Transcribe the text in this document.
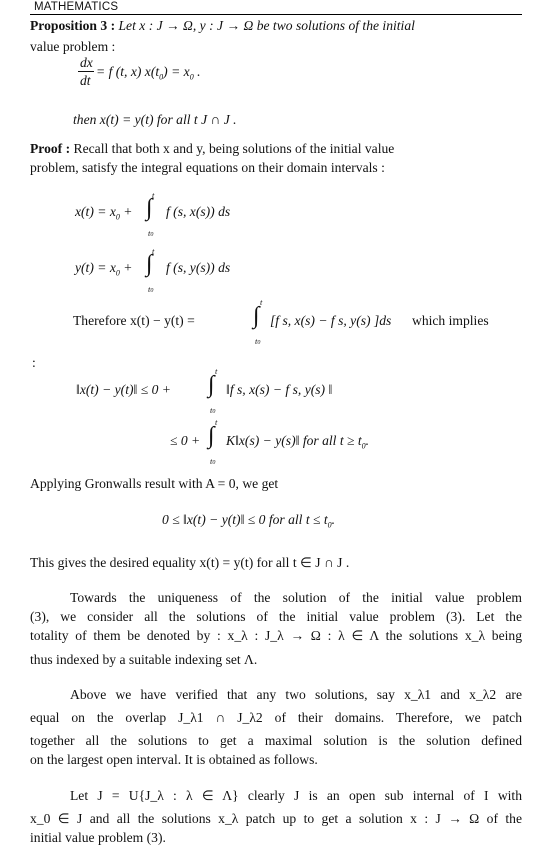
MATHEMATICS
Proposition 3 : Let x : J → Ω, y : J → Ω be two solutions of the initial
value problem :
dx
dt
= f (t, x) $x(t_0) = x_0$ .
then x(t) = y(t) for all t J ∩ J .
Proof : Recall that both x and y, being solutions of the initial value
problem, satisfy the integral equations on their domain intervals :
$x(t) = x_0$ +
t
∫
t0
f (s, x(s)) ds
$y(t) = x_0$ +
t
∫
t0
f (s, y(s)) ds
Therefore x(t) − y(t) =
t
∫
t0
[f s, x(s) − f s, y(s) ]ds which implies
:
‖x(t) − y(t)‖ ≤ 0 +
t
∫
t0
‖f s, x(s) − f s, y(s) ‖
≤ 0 +
t
∫
t0
K‖x(s) − y(s)‖ for all $t \ge t_0$.
Applying Gronwalls result with A = 0, we get
0 ≤ ‖x(t) − y(t)‖ ≤ 0 for all $t \le t_0$.
This gives the desired equality x(t) = y(t) for all t ∈ J ∩ J .
Towards the uniqueness of the solution of the initial value problem
(3), we consider all the solutions of the initial value problem (3). Let the
totality of them be denoted by : x_λ : J_λ → Ω : λ ∈ Λ the solutions x_λ being
thus indexed by a suitable indexing set Λ.
Above we have verified that any two solutions, say x_λ1 and x_λ2 are
equal on the overlap J_λ1 ∩ J_λ2 of their domains. Therefore, we patch
together all the solutions to get a maximal solution is the solution defined
on the largest open interval. It is obtained as follows.
Let J = U{J_λ : λ ∈ Λ} clearly J is an open sub internal of I with
x_0 ∈ J and all the solutions x_λ patch up to get a solution x : J → Ω of the
initial value problem (3).
